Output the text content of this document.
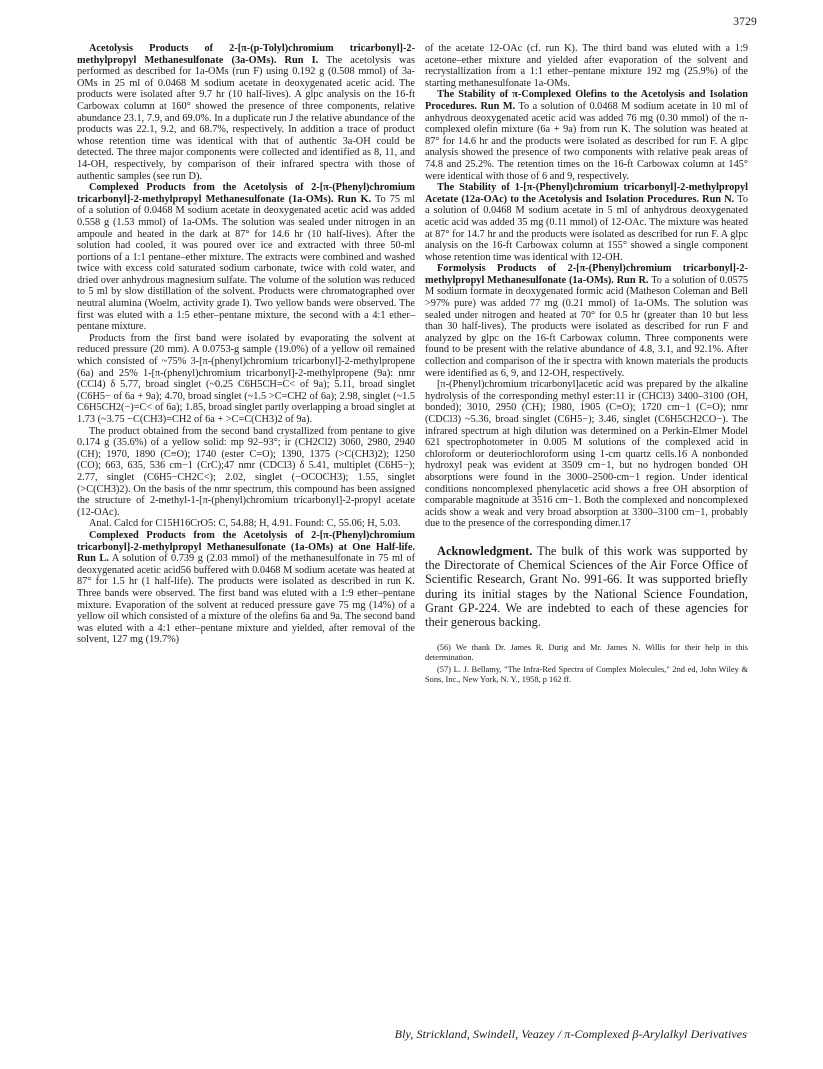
3729

Acetolysis Products of 2-[π-(p-Tolyl)chromium tricarbonyl]-2-methylpropyl Methanesulfonate (3a-OMs). Run I. The acetolysis was performed as described for 1a-OMs (run F) using 0.192 g (0.508 mmol) of 3a-OMs in 25 ml of 0.0468 M sodium acetate in deoxygenated acetic acid. The products were isolated after 9.7 hr (10 half-lives). A glpc analysis on the 16-ft Carbowax column at 160° showed the presence of three components, relative abundance 23.1, 7.9, and 69.0%. In a duplicate run J the relative abundance of the products was 22.1, 9.2, and 68.7%, respectively. In addition a trace of product whose retention time was identical with that of authentic 3a-OH could be detected. The three major components were collected and identified as 8, 11, and 14-OH, respectively, by comparison of their infrared spectra with those of authentic samples (see run D).

Complexed Products from the Acetolysis of 2-[π-(Phenyl)chromium tricarbonyl]-2-methylpropyl Methanesulfonate (1a-OMs). Run K. To 75 ml of a solution of 0.0468 M sodium acetate in deoxygenated acetic acid was added 0.558 g (1.53 mmol) of 1a-OMs. The solution was sealed under nitrogen in an ampoule and heated in the dark at 87° for 14.6 hr (10 half-lives). After the solution had cooled, it was poured over ice and extracted with three 50-ml portions of a 1:1 pentane–ether mixture. The extracts were combined and washed twice with excess cold saturated sodium carbonate, twice with cold water, and dried over anhydrous magnesium sulfate. The volume of the solution was reduced to 5 ml by slow distillation of the solvent. Products were chromatographed over neutral alumina (Woelm, activity grade I). Two yellow bands were observed. The first was eluted with a 1:5 ether–pentane mixture, the second with a 4:1 ether–pentane mixture.

Products from the first band were isolated by evaporating the solvent at reduced pressure (20 mm). A 0.0753-g sample (19.0%) of a yellow oil remained which consisted of ~75% 3-[π-(phenyl)chromium tricarbonyl]-2-methylpropene (6a) and 25% 1-[π-(phenyl)chromium tricarbonyl]-2-methylpropene (9a): nmr (CCl4) δ 5.77, broad singlet (~0.25 C6H5CH=C< of 9a); 5.11, broad singlet (C6H5− of 6a + 9a); 4.70, broad singlet (~1.5 >C=CH2 of 6a); 2.98, singlet (~1.5 C6H5CH2(−)=C< of 6a); 1.85, broad singlet partly overlapping a broad singlet at 1.73 (~3.75 −C(CH3)=CH2 of 6a + >C=C(CH3)2 of 9a).

The product obtained from the second band crystallized from pentane to give 0.174 g (35.6%) of a yellow solid: mp 92–93°; ir (CH2Cl2) 3060, 2980, 2940 (CH); 1970, 1890 (C≡O); 1740 (ester C=O); 1390, 1375 (>C(CH3)2); 1250 (CO); 663, 635, 536 cm−1 (CrC);47 nmr (CDCl3) δ 5.41, multiplet (C6H5−); 2.77, singlet (C6H5−CH2C<); 2.02, singlet (−OCOCH3); 1.55, singlet (>C(CH3)2). On the basis of the nmr spectrum, this compound has been assigned the structure of 2-methyl-1-[π-(phenyl)chromium tricarbonyl]-2-propyl acetate (12-OAc).

Anal. Calcd for C15H16CrO5: C, 54.88; H, 4.91. Found: C, 55.06; H, 5.03.

Complexed Products from the Acetolysis of 2-[π-(Phenyl)chromium tricarbonyl]-2-methylpropyl Methanesulfonate (1a-OMs) at One Half-life. Run L. A solution of 0.739 g (2.03 mmol) of the methanesulfonate in 75 ml of deoxygenated acetic acid56 buffered with 0.0468 M sodium acetate was heated at 87° for 1.5 hr (1 half-life). The products were isolated as described in run K. Three bands were observed. The first band was eluted with a 1:9 ether–pentane mixture. Evaporation of the solvent at reduced pressure gave 75 mg (14%) of a yellow oil which consisted of a mixture of the olefins 6a and 9a. The second band was eluted with a 4:1 ether–pentane mixture and yielded, after removal of the solvent, 127 mg (19.7%)

of the acetate 12-OAc (cf. run K). The third band was eluted with a 1:9 acetone–ether mixture and yielded after evaporation of the solvent and recrystallization from a 1:1 ether–pentane mixture 192 mg (25.9%) of the starting methanesulfonate 1a-OMs.

The Stability of π-Complexed Olefins to the Acetolysis and Isolation Procedures. Run M. To a solution of 0.0468 M sodium acetate in 10 ml of anhydrous deoxygenated acetic acid was added 76 mg (0.30 mmol) of the π-complexed olefin mixture (6a + 9a) from run K. The solution was heated at 87° for 14.6 hr and the products were isolated as described for run F. A glpc analysis showed the presence of two components with relative peak areas of 74.8 and 25.2%. The retention times on the 16-ft Carbowax column at 145° were identical with those of 6 and 9, respectively.

The Stability of 1-[π-(Phenyl)chromium tricarbonyl]-2-methylpropyl Acetate (12a-OAc) to the Acetolysis and Isolation Procedures. Run N. To a solution of 0.0468 M sodium acetate in 5 ml of anhydrous deoxygenated acetic acid was added 35 mg (0.11 mmol) of 12-OAc. The mixture was heated at 87° for 14.7 hr and the products were isolated as described for run F. A glpc analysis on the 16-ft Carbowax column at 155° showed a single component whose retention time was identical with 12-OH.

Formolysis Products of 2-[π-(Phenyl)chromium tricarbonyl]-2-methylpropyl Methanesulfonate (1a-OMs). Run R. To a solution of 0.0575 M sodium formate in deoxygenated formic acid (Matheson Coleman and Bell >97% pure) was added 77 mg (0.21 mmol) of 1a-OMs. The solution was sealed under nitrogen and heated at 70° for 0.5 hr (greater than 10 but less than 30 half-lives). The products were isolated as described for run F and analyzed by glpc on the 16-ft Carbowax column. Three components were found to be present with the relative abundance of 4.8, 3.1, and 92.1%. After collection and comparison of the ir spectra with known materials the products were identified as 6, 9, and 12-OH, respectively.

[π-(Phenyl)chromium tricarbonyl]acetic acid was prepared by the alkaline hydrolysis of the corresponding methyl ester:11 ir (CHCl3) 3400–3100 (OH, bonded); 3010, 2950 (CH); 1980, 1905 (C≡O); 1720 cm−1 (C=O); nmr (CDCl3) ~5.36, broad singlet (C6H5−); 3.46, singlet (C6H5CH2CO−). The infrared spectrum at high dilution was determined on a Perkin-Elmer Model 621 spectrophotometer in 0.005 M solutions of the complexed acid in chloroform or deuteriochloroform using 1-cm quartz cells.16 A nonbonded hydroxyl peak was evident at 3509 cm−1, but no hydrogen bonded OH absorptions were found in the 3000–2500-cm−1 region. Under identical conditions noncomplexed phenylacetic acid shows a free OH absorption of comparable magnitude at 3516 cm−1. Both the complexed and noncomplexed acids show a weak and very broad absorption at 3300–3100 cm−1, probably due to the presence of the corresponding dimer.17

Acknowledgment. The bulk of this work was supported by the Directorate of Chemical Sciences of the Air Force Office of Scientific Research, Grant No. 991-66. It was supported briefly during its initial stages by the National Science Foundation, Grant GP-224. We are indebted to each of these agencies for their generous backing.

(56) We thank Dr. James R. Durig and Mr. James N. Willis for their help in this determination.

(57) L. J. Bellamy, "The Infra-Red Spectra of Complex Molecules," 2nd ed, John Wiley & Sons, Inc., New York, N. Y., 1958, p 162 ff.

Bly, Strickland, Swindell, Veazey / π-Complexed β-Arylalkyl Derivatives
